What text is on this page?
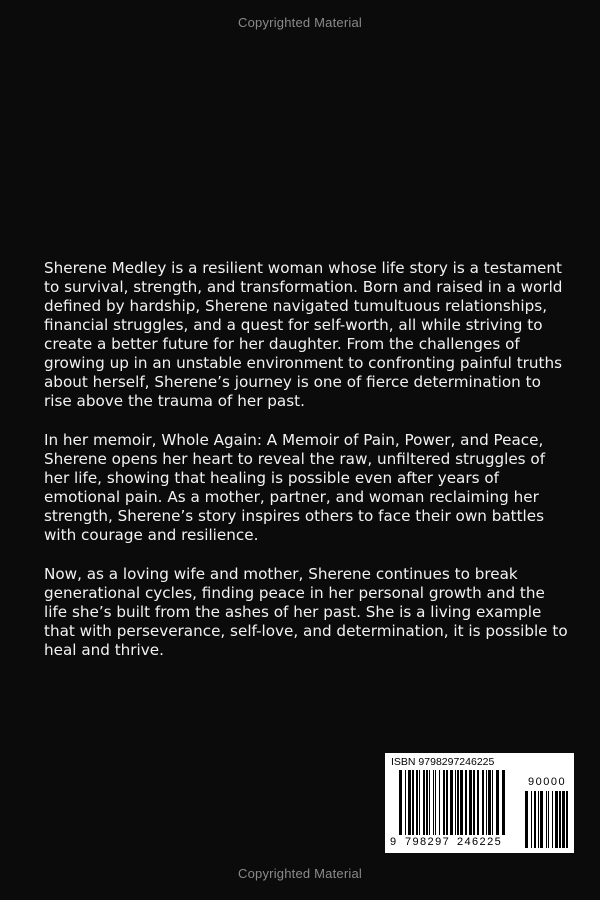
Copyrighted Material

Sherene Medley is a resilient woman whose life story is a testament to survival, strength, and transformation. Born and raised in a world defined by hardship, Sherene navigated tumultuous relationships, financial struggles, and a quest for self-worth, all while striving to create a better future for her daughter. From the challenges of growing up in an unstable environment to confronting painful truths about herself, Sherene’s journey is one of fierce determination to rise above the trauma of her past.

In her memoir, Whole Again: A Memoir of Pain, Power, and Peace, Sherene opens her heart to reveal the raw, unfiltered struggles of her life, showing that healing is possible even after years of emotional pain. As a mother, partner, and woman reclaiming her strength, Sherene’s story inspires others to face their own battles with courage and resilience.

Now, as a loving wife and mother, Sherene continues to break generational cycles, finding peace in her personal growth and the life she’s built from the ashes of her past. She is a living example that with perseverance, self-love, and determination, it is possible to heal and thrive.

ISBN 9798297246225
90000
9 798297 246225
Copyrighted Material
